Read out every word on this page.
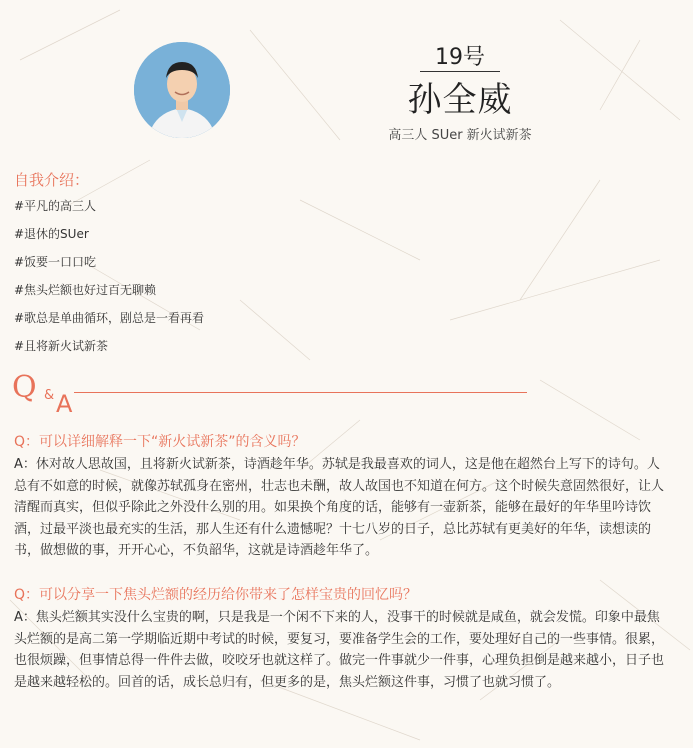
19号
孙全威
高三人 SUer 新火试新茶
自我介绍：
#平凡的高三人
#退休的SUer
#饭要一口口吃
#焦头烂额也好过百无聊赖
#歌总是单曲循环，剧总是一看再看
#且将新火试新茶
Q & A
Q：可以详细解释一下“新火试新茶”的含义吗？
A：休对故人思故国，且将新火试新茶，诗酒趁年华。苏轼是我最喜欢的词人，这是他在超然台上写下的诗句。人总有不如意的时候，就像苏轼孤身在密州，壮志也未酬，故人故国也不知道在何方。这个时候失意固然很好，让人清醒而真实，但似乎除此之外没什么别的用。如果换个角度的话，能够有一壶新茶，能够在最好的年华里吟诗饮酒，过最平淡也最充实的生活，那人生还有什么遗憾呢？十七八岁的日子，总比苏轼有更美好的年华，读想读的书，做想做的事，开开心心，不负韶华，这就是诗酒趁年华了。
Q：可以分享一下焦头烂额的经历给你带来了怎样宝贵的回忆吗？
A：焦头烂额其实没什么宝贵的啊，只是我是一个闲不下来的人，没事干的时候就是咸鱼，就会发慌。印象中最焦头烂额的是高二第一学期临近期中考试的时候，要复习，要准备学生会的工作，要处理好自己的一些事情。很累，也很烦躁，但事情总得一件件去做，咬咬牙也就这样了。做完一件事就少一件事，心理负担倒是越来越小，日子也是越来越轻松的。回首的话，成长总归有，但更多的是，焦头烂额这件事，习惯了也就习惯了。
